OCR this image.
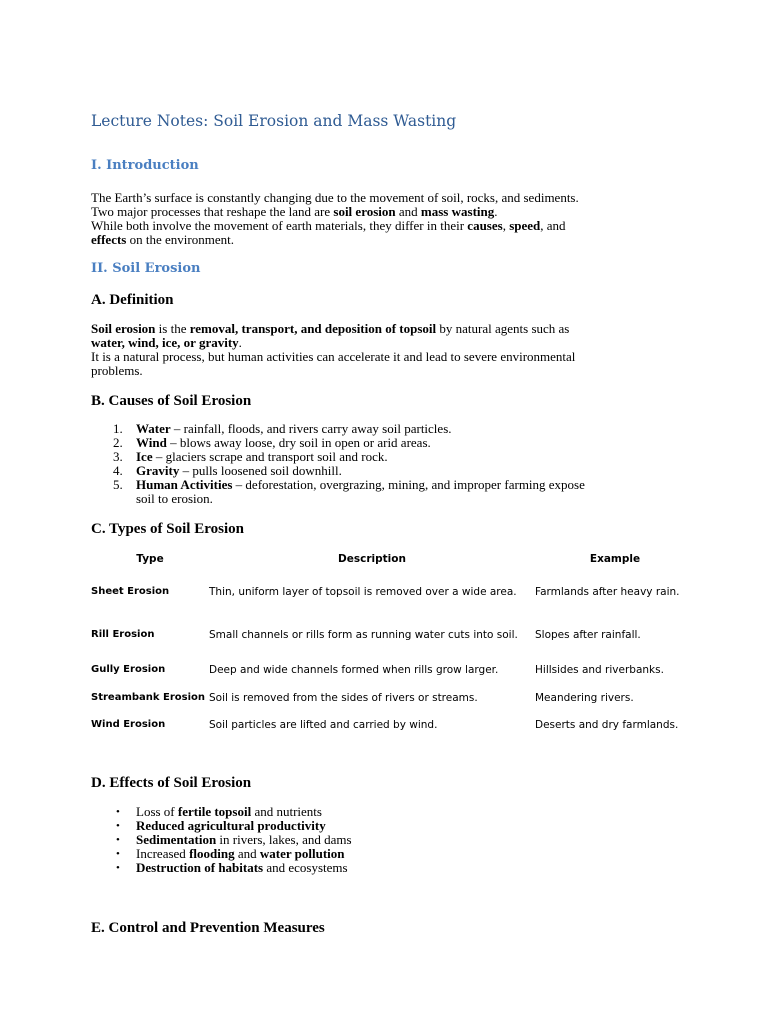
Lecture Notes: Soil Erosion and Mass Wasting
I. Introduction

The Earth’s surface is constantly changing due to the movement of soil, rocks, and sediments.
Two major processes that reshape the land are soil erosion and mass wasting.
While both involve the movement of earth materials, they differ in their causes, speed, and
effects on the environment.

II. Soil Erosion
A. Definition

Soil erosion is the removal, transport, and deposition of topsoil by natural agents such as
water, wind, ice, or gravity.
It is a natural process, but human activities can accelerate it and lead to severe environmental
problems.

B. Causes of Soil Erosion
1. Water – rainfall, floods, and rivers carry away soil particles.
2. Wind – blows away loose, dry soil in open or arid areas.
3. Ice – glaciers scrape and transport soil and rock.
4. Gravity – pulls loosened soil downhill.
5. Human Activities – deforestation, overgrazing, mining, and improper farming expose
soil to erosion.
C. Types of Soil Erosion
Type	Description	Example
Sheet Erosion	Thin, uniform layer of topsoil is removed over a wide area.	Farmlands after heavy rain.
Rill Erosion	Small channels or rills form as running water cuts into soil.	Slopes after rainfall.
Gully Erosion	Deep and wide channels formed when rills grow larger.	Hillsides and riverbanks.
Streambank Erosion	Soil is removed from the sides of rivers or streams.	Meandering rivers.
Wind Erosion	Soil particles are lifted and carried by wind.	Deserts and dry farmlands.
D. Effects of Soil Erosion
• Loss of fertile topsoil and nutrients
• Reduced agricultural productivity
• Sedimentation in rivers, lakes, and dams
• Increased flooding and water pollution
• Destruction of habitats and ecosystems
E. Control and Prevention Measures
